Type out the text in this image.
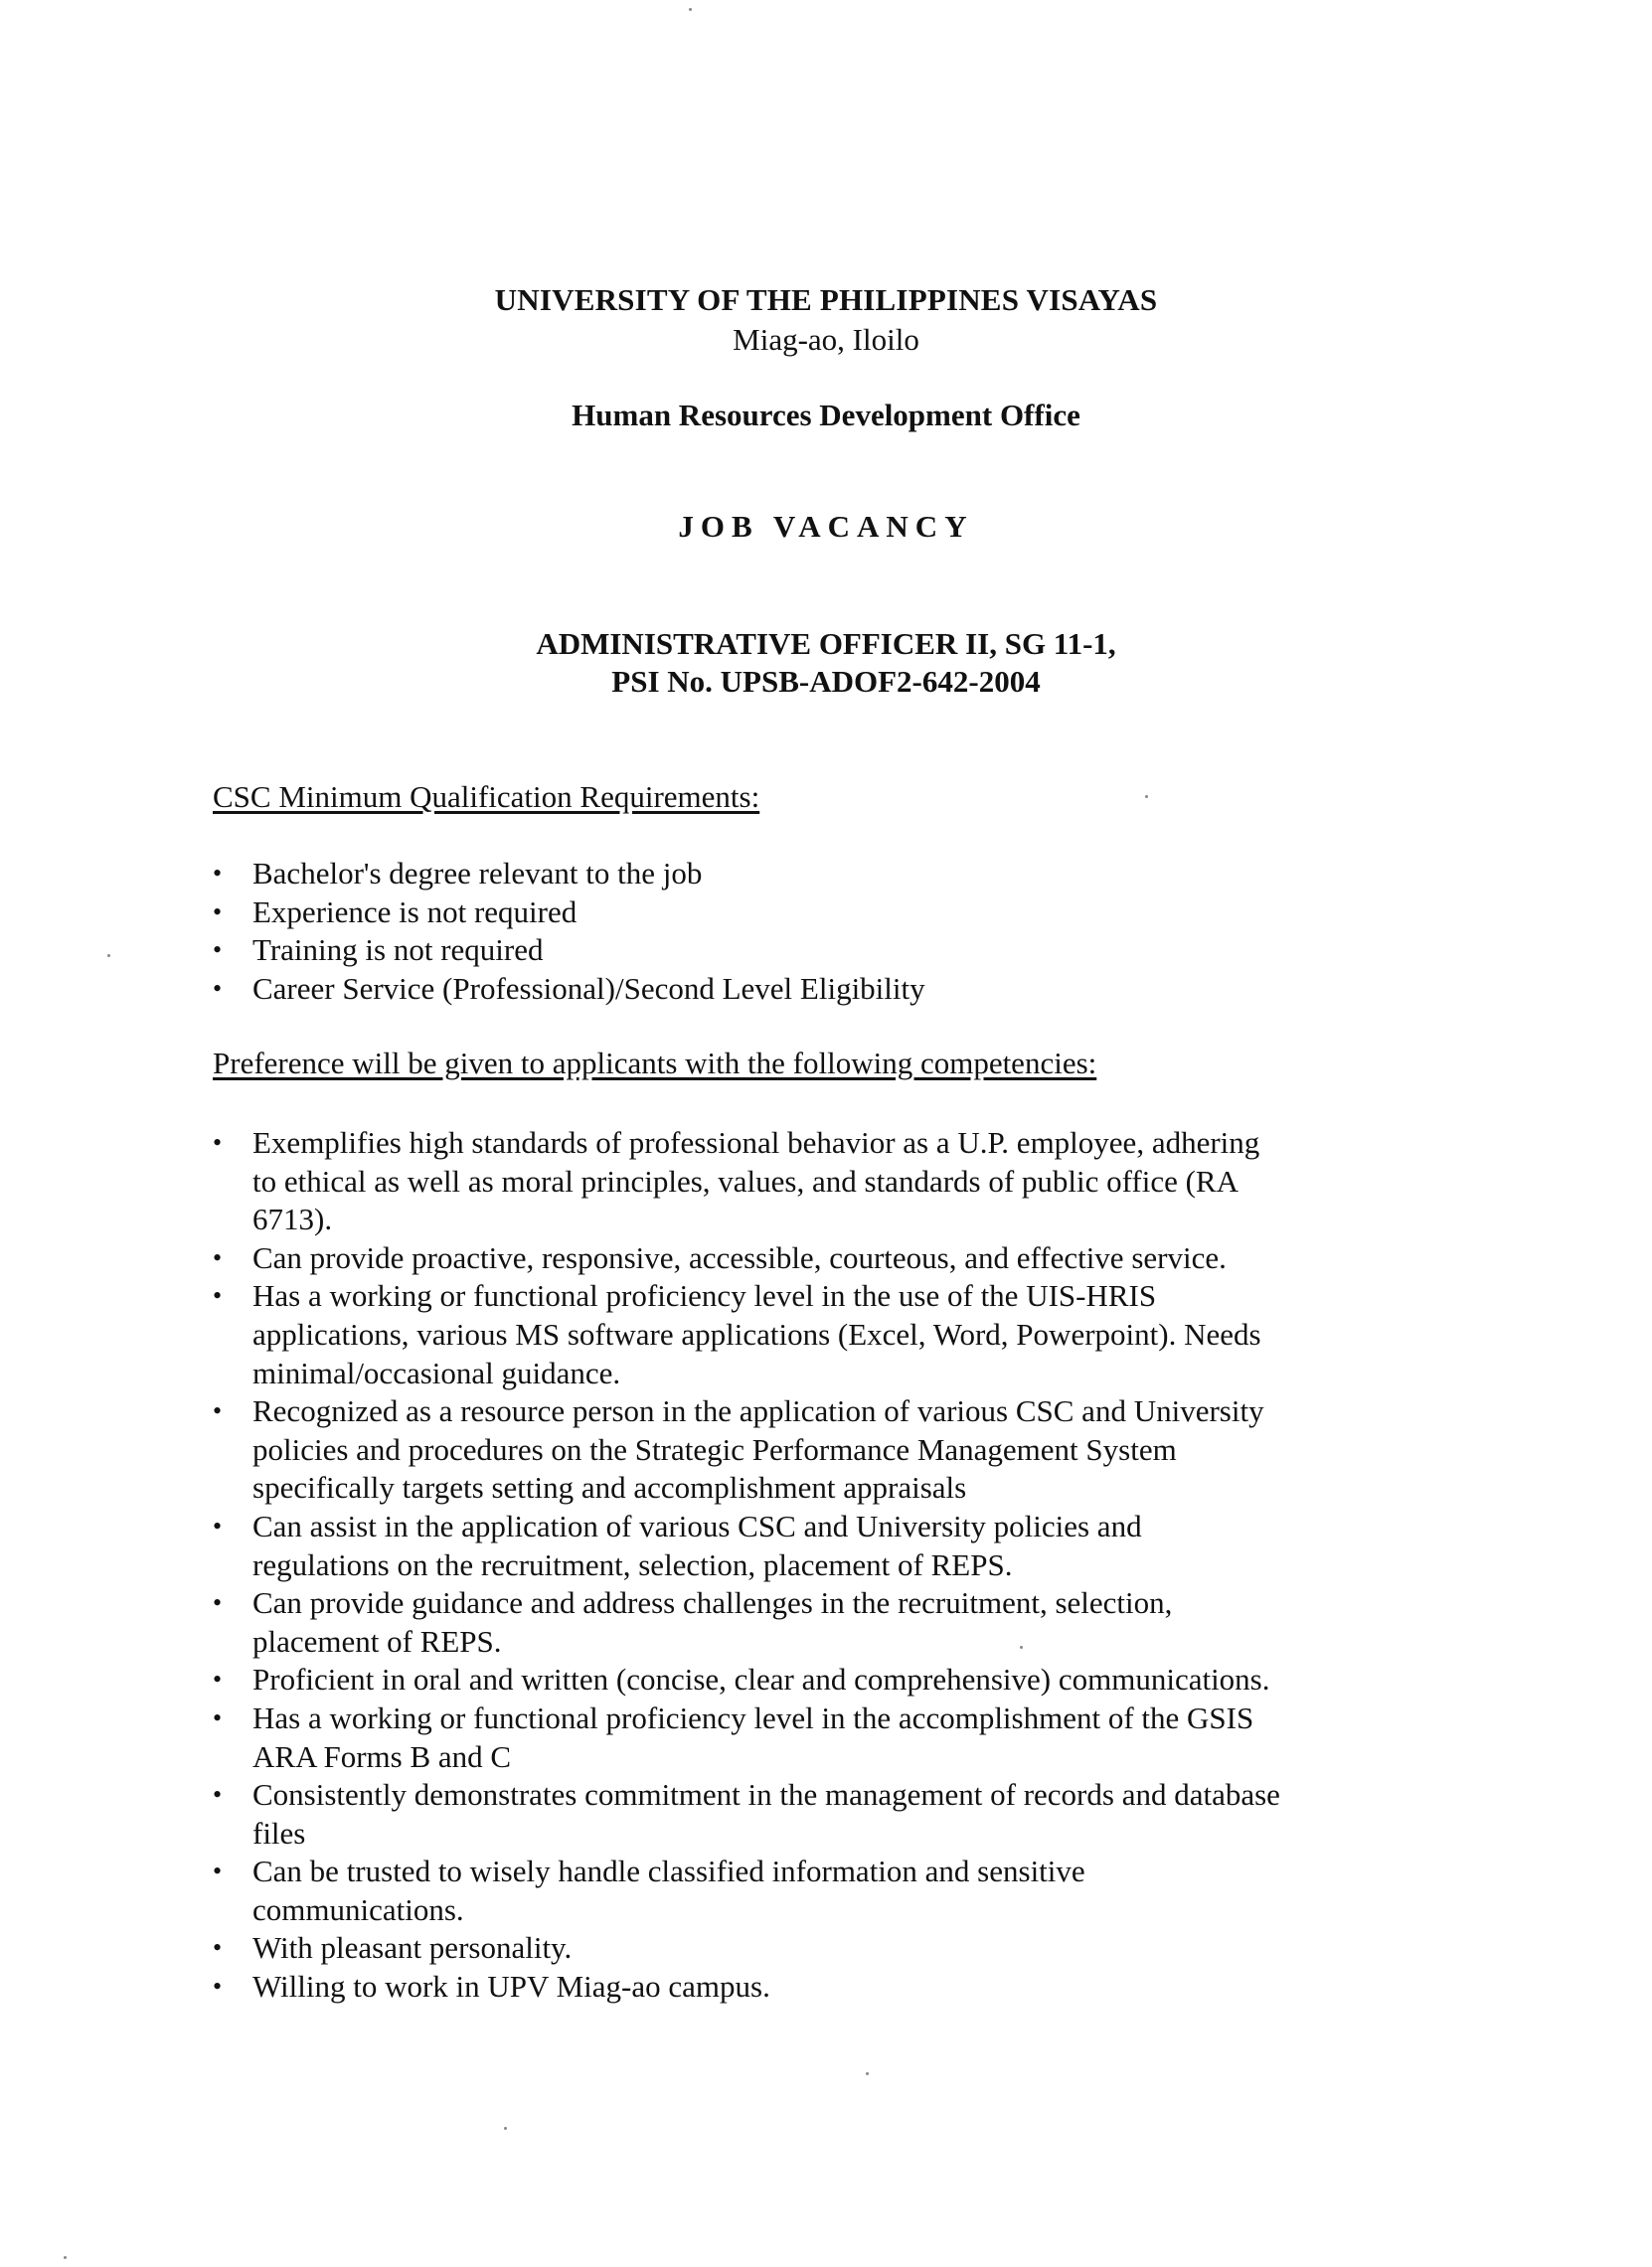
UNIVERSITY OF THE PHILIPPINES VISAYAS
Miag-ao, Iloilo
Human Resources Development Office
JOB VACANCY
ADMINISTRATIVE OFFICER II, SG 11-1,
PSI No. UPSB-ADOF2-642-2004
CSC Minimum Qualification Requirements:
• Bachelor's degree relevant to the job
• Experience is not required
• Training is not required
• Career Service (Professional)/Second Level Eligibility
Preference will be given to applicants with the following competencies:
• Exemplifies high standards of professional behavior as a U.P. employee, adhering
to ethical as well as moral principles, values, and standards of public office (RA
6713).
• Can provide proactive, responsive, accessible, courteous, and effective service.
• Has a working or functional proficiency level in the use of the UIS-HRIS
applications, various MS software applications (Excel, Word, Powerpoint). Needs
minimal/occasional guidance.
• Recognized as a resource person in the application of various CSC and University
policies and procedures on the Strategic Performance Management System
specifically targets setting and accomplishment appraisals
• Can assist in the application of various CSC and University policies and
regulations on the recruitment, selection, placement of REPS.
• Can provide guidance and address challenges in the recruitment, selection,
placement of REPS.
• Proficient in oral and written (concise, clear and comprehensive) communications.
• Has a working or functional proficiency level in the accomplishment of the GSIS
ARA Forms B and C
• Consistently demonstrates commitment in the management of records and database
files
• Can be trusted to wisely handle classified information and sensitive
communications.
• With pleasant personality.
• Willing to work in UPV Miag-ao campus.
